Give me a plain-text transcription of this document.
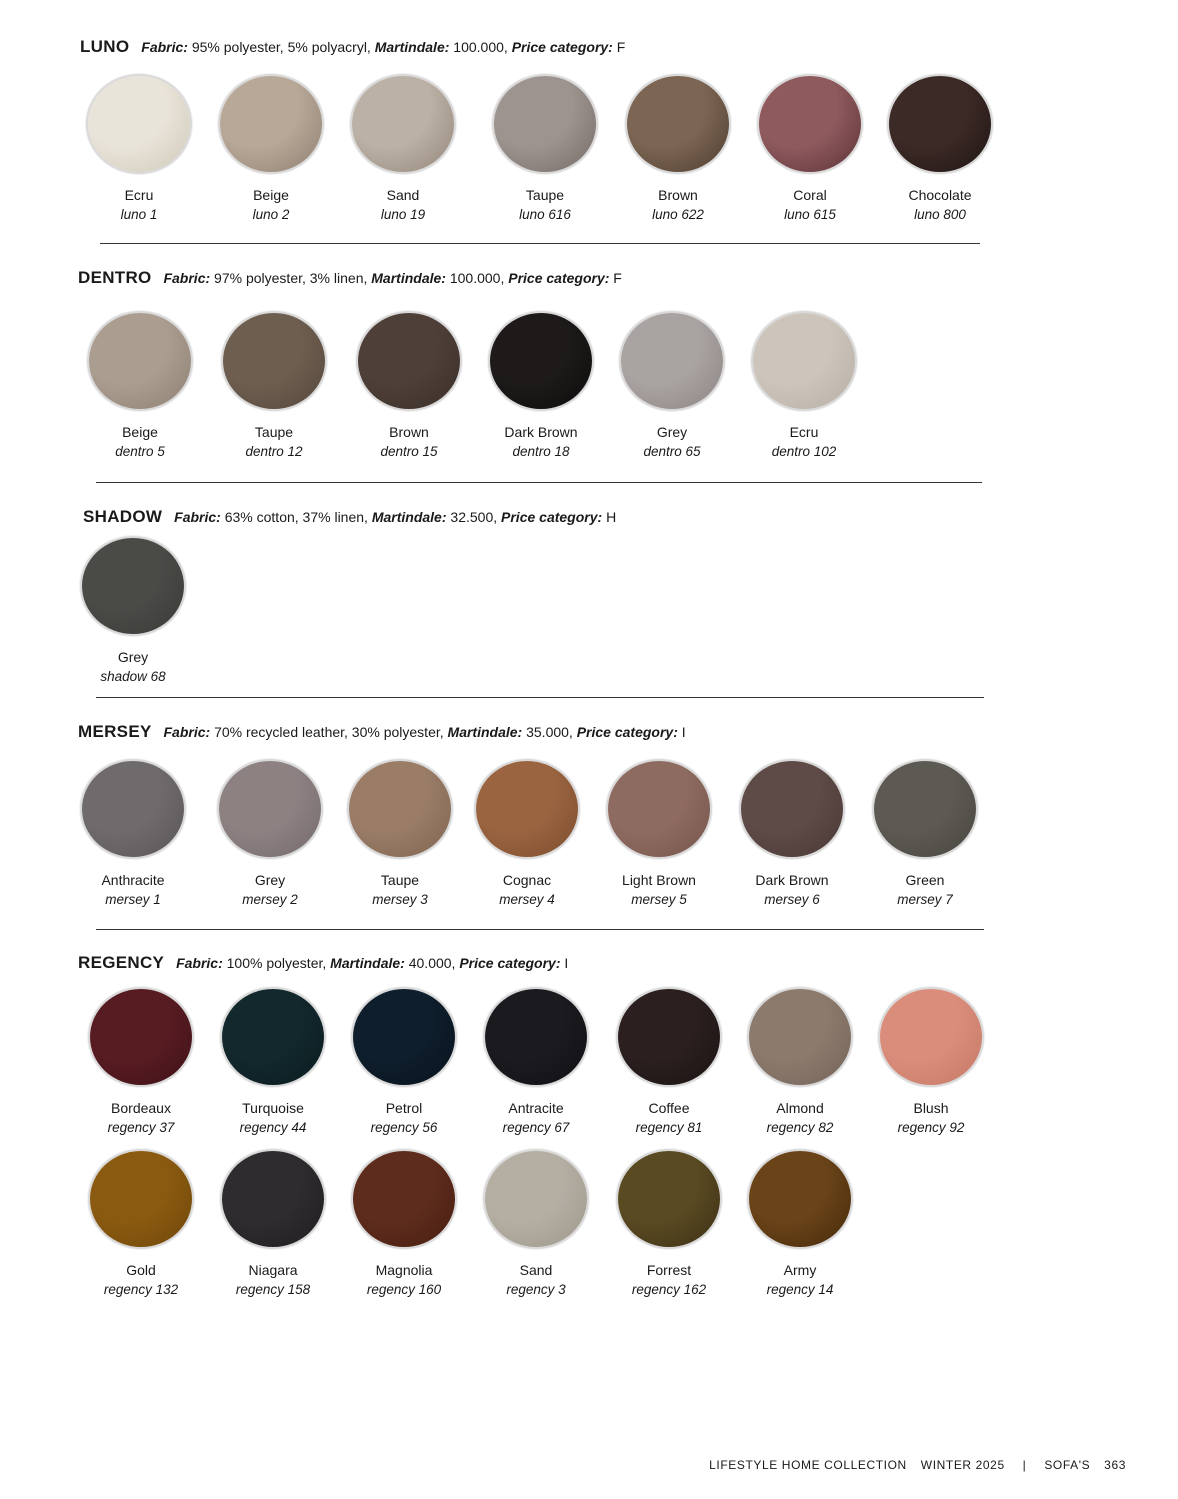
LUNO Fabric: 95% polyester, 5% polyacryl, Martindale: 100.000, Price category: F
Ecru
luno 1
Beige
luno 2
Sand
luno 19
Taupe
luno 616
Brown
luno 622
Coral
luno 615
Chocolate
luno 800
DENTRO Fabric: 97% polyester, 3% linen, Martindale: 100.000, Price category: F
Beige
dentro 5
Taupe
dentro 12
Brown
dentro 15
Dark Brown
dentro 18
Grey
dentro 65
Ecru
dentro 102
SHADOW Fabric: 63% cotton, 37% linen, Martindale: 32.500, Price category: H
Grey
shadow 68
MERSEY Fabric: 70% recycled leather, 30% polyester, Martindale: 35.000, Price category: I
Anthracite
mersey 1
Grey
mersey 2
Taupe
mersey 3
Cognac
mersey 4
Light Brown
mersey 5
Dark Brown
mersey 6
Green
mersey 7
REGENCY Fabric: 100% polyester, Martindale: 40.000, Price category: I
Bordeaux
regency 37
Turquoise
regency 44
Petrol
regency 56
Antracite
regency 67
Coffee
regency 81
Almond
regency 82
Blush
regency 92
Gold
regency 132
Niagara
regency 158
Magnolia
regency 160
Sand
regency 3
Forrest
regency 162
Army
regency 14
LIFESTYLE HOME COLLECTION WINTER 2025 | SOFA'S 363
